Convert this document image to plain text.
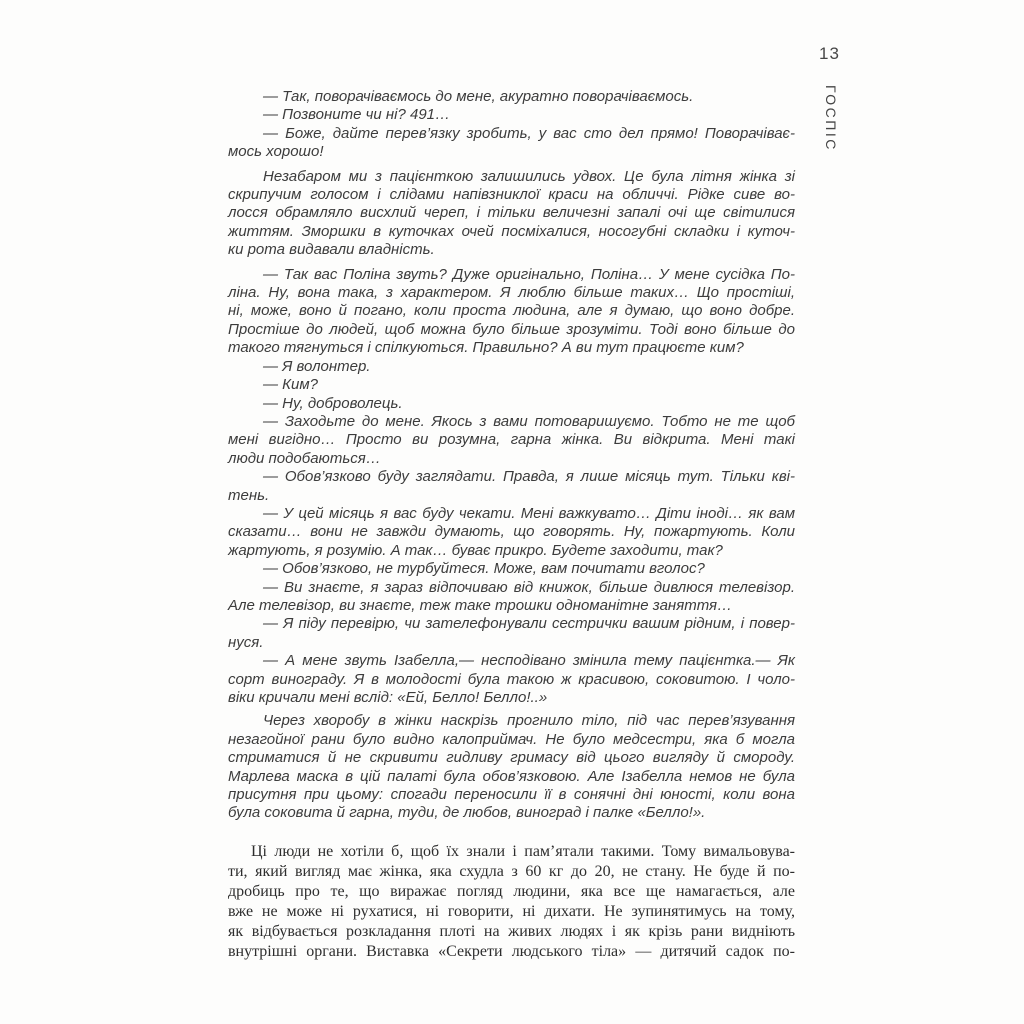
13
ГОСПІС
— Так, поворачіваємось до мене, акуратно поворачіваємось.
— Позвоните чи ні? 491…
— Боже, дайте перев’язку зробить, у вас сто дел прямо! Поворачіває-
мось хорошо!
Незабаром ми з пацієнткою залишились удвох. Це була літня жінка зі
скрипучим голосом і слідами напівзниклої краси на обличчі. Рідке сиве во-
лосся обрамляло висхлий череп, і тільки величезні запалі очі ще світилися
життям. Зморшки в куточках очей посміхалися, носогубні складки і куточ-
ки рота видавали владність.
— Так вас Поліна звуть? Дуже оригінально, Поліна… У мене сусідка По-
ліна. Ну, вона така, з характером. Я люблю більше таких… Що простіші,
ні, може, воно й погано, коли проста людина, але я думаю, що воно добре.
Простіше до людей, щоб можна було більше зрозуміти. Тоді воно більше до
такого тягнуться і спілкуються. Правильно? А ви тут працюєте ким?
— Я волонтер.
— Ким?
— Ну, доброволець.
— Заходьте до мене. Якось з вами потоваришуємо. Тобто не те щоб
мені вигідно… Просто ви розумна, гарна жінка. Ви відкрита. Мені такі
люди подобаються…
— Обов’язково буду заглядати. Правда, я лише місяць тут. Тільки кві-
тень.
— У цей місяць я вас буду чекати. Мені важкувато… Діти іноді… як вам
сказати… вони не завжди думають, що говорять. Ну, пожартують. Коли
жартують, я розумію. А так… буває прикро. Будете заходити, так?
— Обов’язково, не турбуйтеся. Може, вам почитати вголос?
— Ви знаєте, я зараз відпочиваю від книжок, більше дивлюся телевізор.
Але телевізор, ви знаєте, теж таке трошки одноманітне заняття…
— Я піду перевірю, чи зателефонували сестрички вашим рідним, і повер-
нуся.
— А мене звуть Ізабелла,— несподівано змінила тему пацієнтка.— Як
сорт винограду. Я в молодості була такою ж красивою, соковитою. І чоло-
віки кричали мені вслід: «Ей, Белло! Белло!..»
Через хворобу в жінки наскрізь прогнило тіло, під час перев’язування
незагойної рани було видно калоприймач. Не було медсестри, яка б могла
стриматися й не скривити гидливу гримасу від цього вигляду й смороду.
Марлева маска в цій палаті була обов’язковою. Але Ізабелла немов не була
присутня при цьому: спогади переносили її в сонячні дні юності, коли вона
була соковита й гарна, туди, де любов, виноград і палке «Белло!».
Ці люди не хотіли б, щоб їх знали і пам’ятали такими. Тому вимальовува-
ти, який вигляд має жінка, яка схудла з 60 кг до 20, не стану. Не буде й по-
дробиць про те, що виражає погляд людини, яка все ще намагається, але
вже не може ні рухатися, ні говорити, ні дихати. Не зупинятимусь на тому,
як відбувається розкладання плоті на живих людях і як крізь рани видніють
внутрішні органи. Виставка «Секрети людського тіла» — дитячий садок по-
